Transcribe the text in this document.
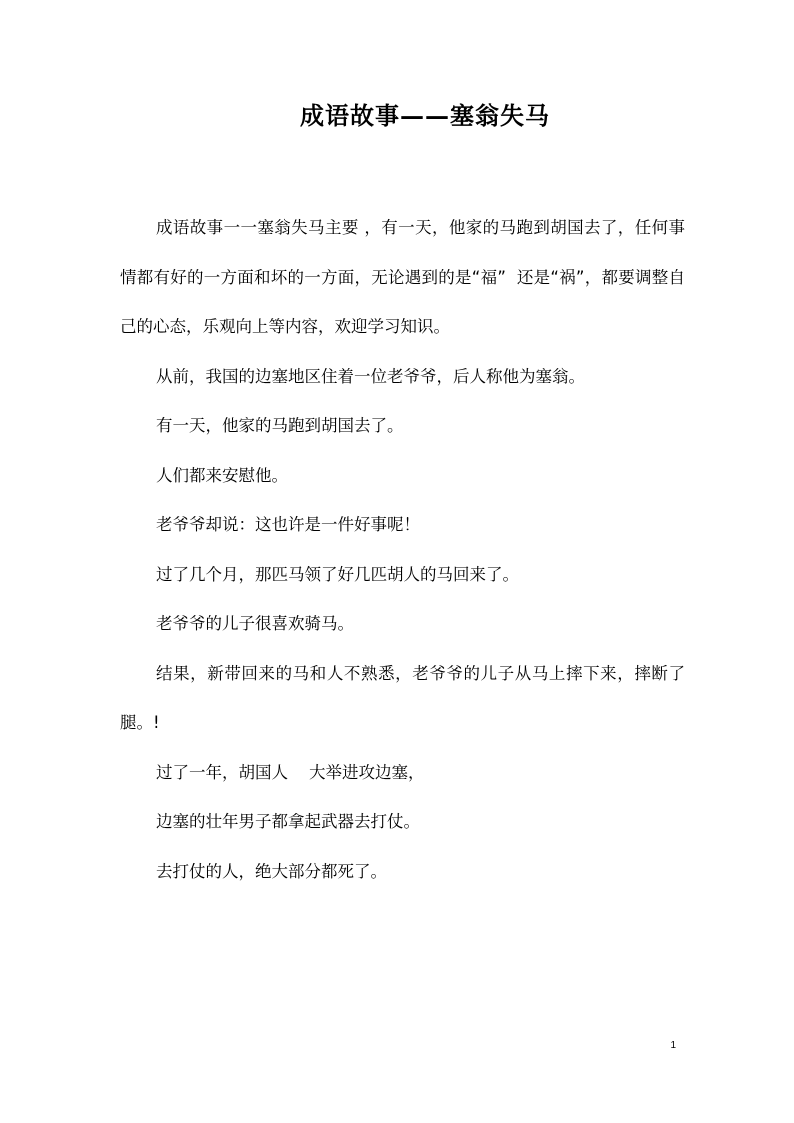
成语故事——塞翁失马

成语故事一一塞翁失马主要 ，有一天，他家的马跑到胡国去了，任何事情都有好的一方面和坏的一方面，无论遇到的是“福”  还是“祸”，都要调整自己的心态，乐观向上等内容，欢迎学习知识。

从前，我国的边塞地区住着一位老爷爷，后人称他为塞翁。

有一天，他家的马跑到胡国去了。

人们都来安慰他。

老爷爷却说：这也许是一件好事呢！

过了几个月，那匹马领了好几匹胡人的马回来了。

老爷爷的儿子很喜欢骑马。

结果，新带回来的马和人不熟悉，老爷爷的儿子从马上摔下来，摔断了腿。!

过了一年，胡国人    大举进攻边塞，

边塞的壮年男子都拿起武器去打仗。

去打仗的人，绝大部分都死了。

1
